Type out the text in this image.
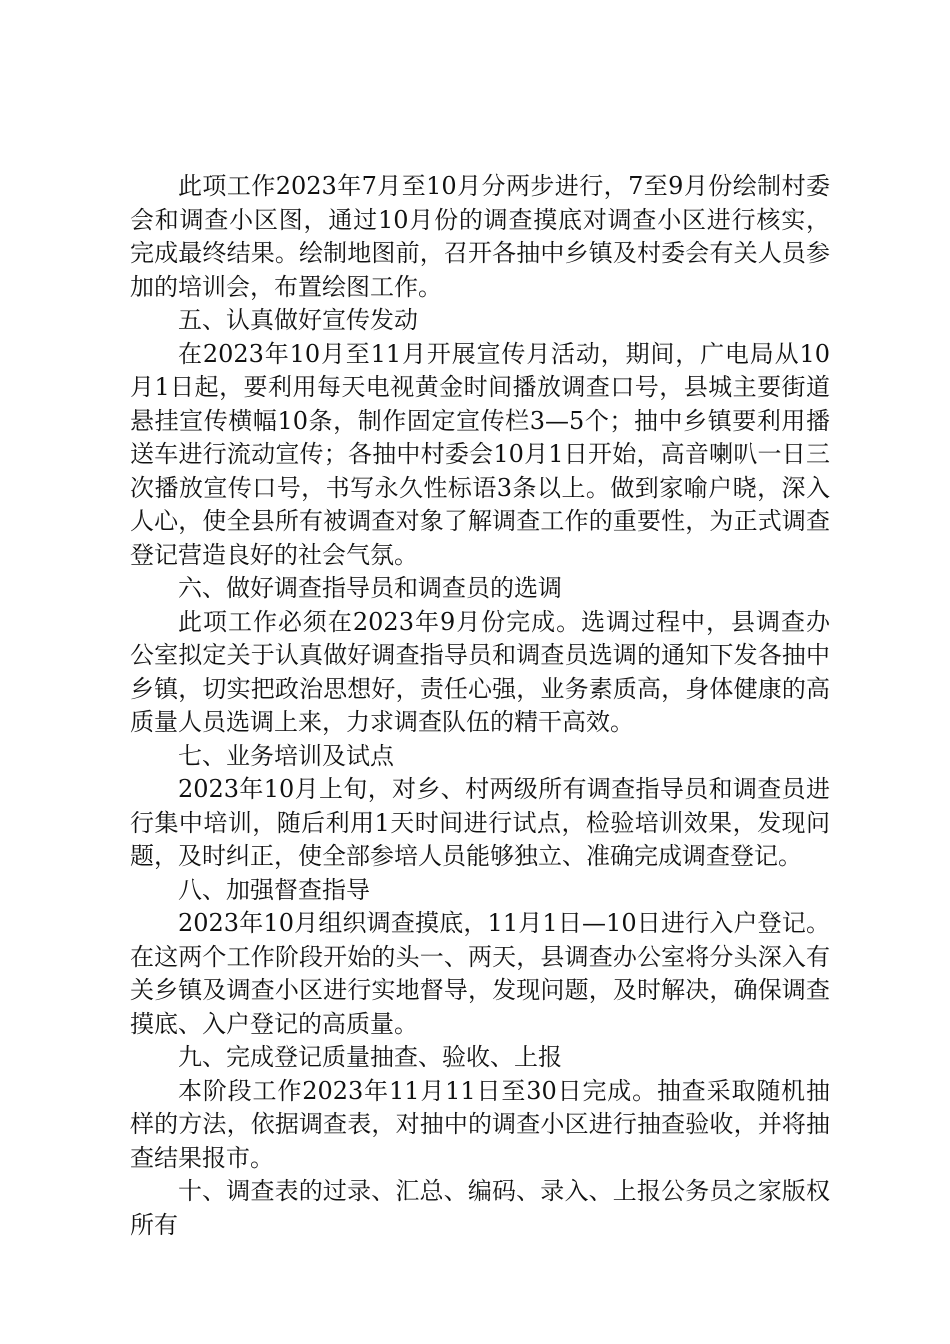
此项工作2023年7月至10月分两步进行，7至9月份绘制村委会和调查小区图，通过10月份的调查摸底对调查小区进行核实，完成最终结果。绘制地图前，召开各抽中乡镇及村委会有关人员参加的培训会，布置绘图工作。

五、认真做好宣传发动

在2023年10月至11月开展宣传月活动，期间，广电局从10月1日起，要利用每天电视黄金时间播放调查口号，县城主要街道悬挂宣传横幅10条，制作固定宣传栏3—5个；抽中乡镇要利用播送车进行流动宣传；各抽中村委会10月1日开始，高音喇叭一日三次播放宣传口号，书写永久性标语3条以上。做到家喻户晓，深入人心，使全县所有被调查对象了解调查工作的重要性，为正式调查登记营造良好的社会气氛。

六、做好调查指导员和调查员的选调

此项工作必须在2023年9月份完成。选调过程中，县调查办公室拟定关于认真做好调查指导员和调查员选调的通知下发各抽中乡镇，切实把政治思想好，责任心强，业务素质高，身体健康的高质量人员选调上来，力求调查队伍的精干高效。

七、业务培训及试点

2023年10月上旬，对乡、村两级所有调查指导员和调查员进行集中培训，随后利用1天时间进行试点，检验培训效果，发现问题，及时纠正，使全部参培人员能够独立、准确完成调查登记。

八、加强督查指导

2023年10月组织调查摸底，11月1日—10日进行入户登记。在这两个工作阶段开始的头一、两天，县调查办公室将分头深入有关乡镇及调查小区进行实地督导，发现问题，及时解决，确保调查摸底、入户登记的高质量。

九、完成登记质量抽查、验收、上报

本阶段工作2023年11月11日至30日完成。抽查采取随机抽样的方法，依据调查表，对抽中的调查小区进行抽查验收，并将抽查结果报市。

十、调查表的过录、汇总、编码、录入、上报公务员之家版权所有
